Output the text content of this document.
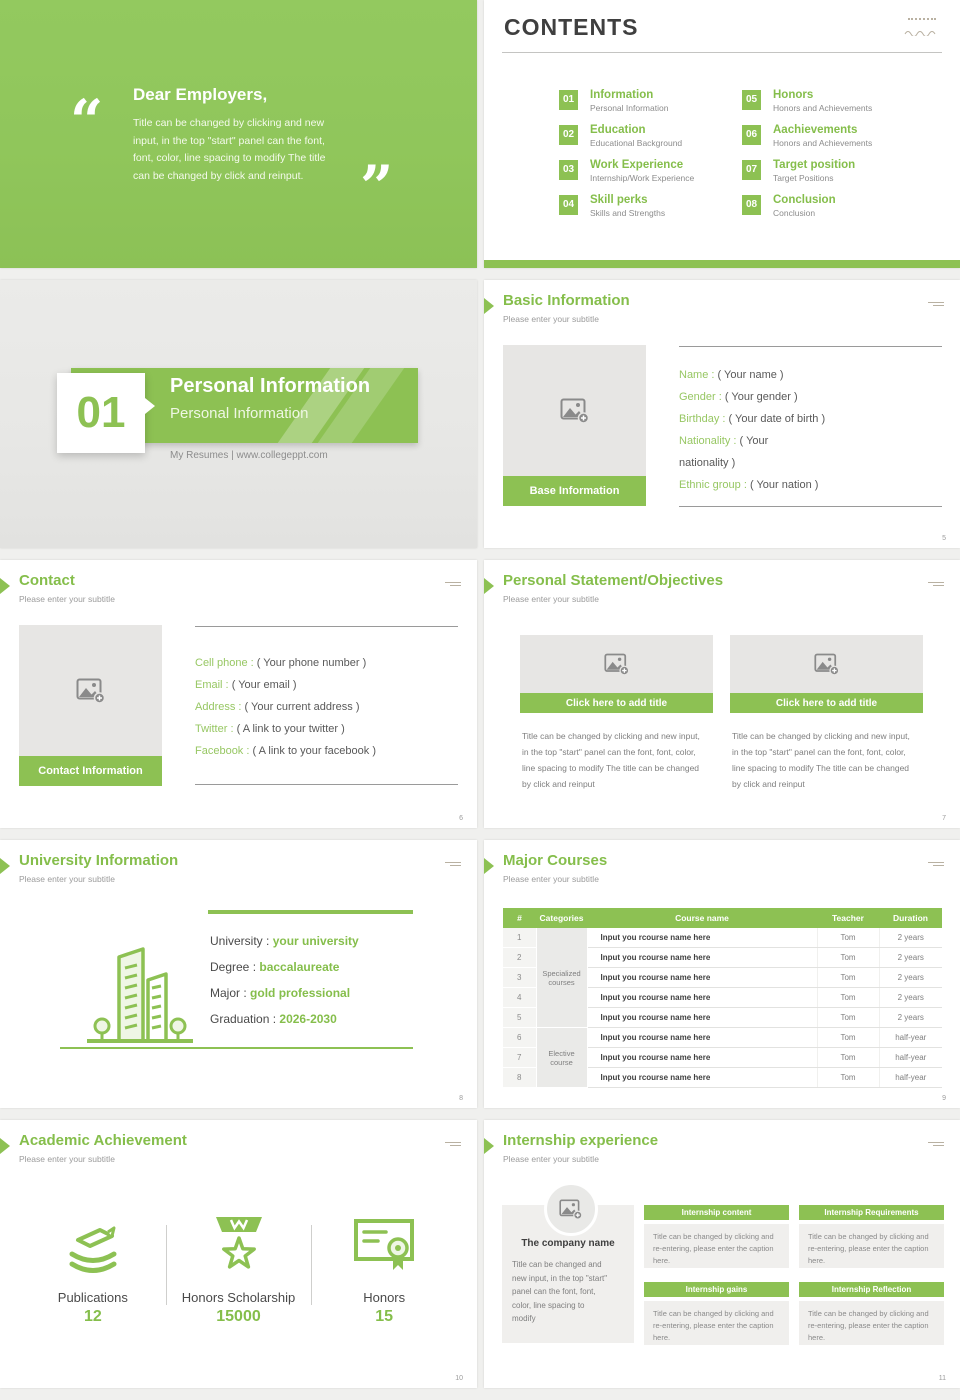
“ Dear Employers,
Title can be changed by clicking and new
input, in the top "start" panel can the font,
font, color, line spacing to modify The title
can be changed by click and reinput. ”
CONTENTS
01	Information
Personal Information
02	Education
Educational Background
03	Work Experience
Internship/Work Experience
04	Skill perks
Skills and Strengths
05	Honors
Honors and Achievements
06	Aachievements
Honors and Achievements
07	Target position
Target Positions
08	Conclusion
Conclusion
Personal Information
Personal Information
01
My Resumes | www.collegeppt.com
Basic Information
Please enter your subtitle
Base Information
Name : ( Your name )
Gender : ( Your gender )
Birthday : ( Your date of birth )
Nationality : ( Your
nationality )
Ethnic group : ( Your nation )
5
Contact
Please enter your subtitle
Contact Information
Cell phone : ( Your phone number )
Email : ( Your email )
Address : ( Your current address )
Twitter : ( A link to your twitter )
Facebook : ( A link to your facebook )
6
Personal Statement/Objectives
Please enter your subtitle
Click here to add title
Title can be changed by clicking and new input,
in the top "start" panel can the font, font, color,
line spacing to modify The title can be changed
by click and reinput
Click here to add title
Title can be changed by clicking and new input,
in the top "start" panel can the font, font, color,
line spacing to modify The title can be changed
by click and reinput
7
University Information
Please enter your subtitle
University : your university
Degree : baccalaureate
Major : gold professional
Graduation : 2026-2030
8
Major Courses
Please enter your subtitle
#	Categories	Course name	Teacher	Duration
1	Specialized courses	Input you rcourse name here	Tom	2 years
2		Input you rcourse name here	Tom	2 years
3		Input you rcourse name here	Tom	2 years
4		Input you rcourse name here	Tom	2 years
5		Input you rcourse name here	Tom	2 years
6	Elective course	Input you rcourse name here	Tom	half-year
7		Input you rcourse name here	Tom	half-year
8		Input you rcourse name here	Tom	half-year
9
Academic Achievement
Please enter your subtitle
Publications
12
Honors Scholarship
15000
Honors
15
10
Internship experience
Please enter your subtitle
The company name
Title can be changed and
new input, in the top "start"
panel can the font, font,
color, line spacing to
modify
Internship content
Title can be changed by clicking and re-entering, please enter the caption here.
Internship Requirements
Title can be changed by clicking and re-entering, please enter the caption here.
Internship gains
Title can be changed by clicking and re-entering, please enter the caption here.
Internship Reflection
Title can be changed by clicking and re-entering, please enter the caption here.
11
